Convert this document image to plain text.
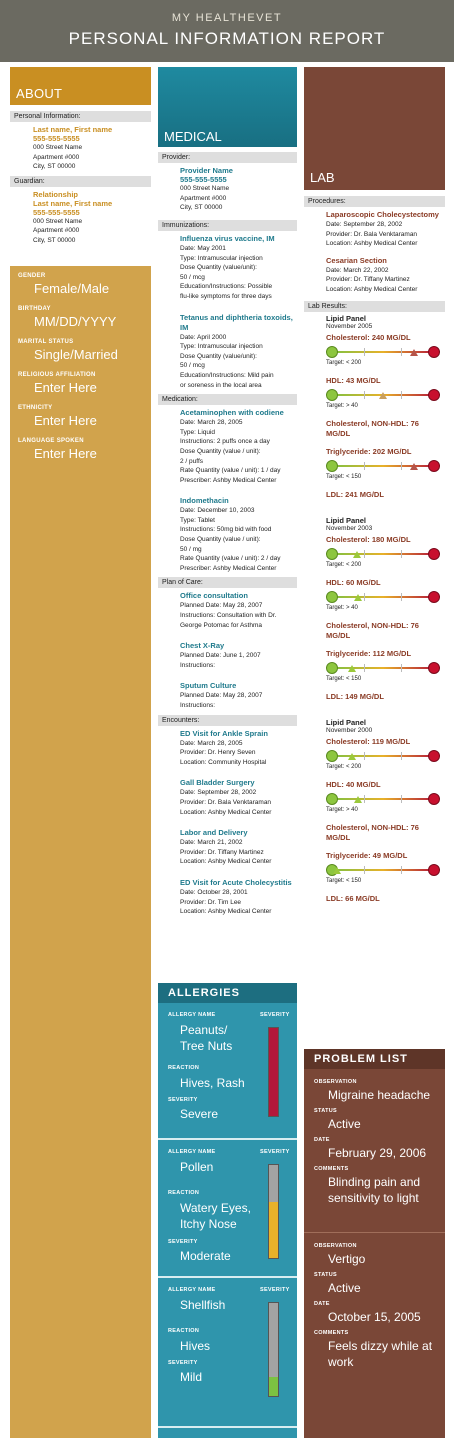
MY HEALTHEVET
PERSONAL INFORMATION REPORT
ABOUT
Personal Information:
Last name, First name
555-555-5555
000 Street Name
Apartment #000
City, ST 00000
Guardian:
Relationship
Last name, First name
555-555-5555
000 Street Name
Apartment #000
City, ST 00000
GENDER
Female/Male
BIRTHDAY
MM/DD/YYYY
MARITAL STATUS
Single/Married
RELIGIOUS AFFILIATION
Enter Here
ETHNICITY
Enter Here
LANGUAGE SPOKEN
Enter Here
MEDICAL
Provider:
Provider Name
555-555-5555
000 Street Name
Apartment #000
City, ST 00000
Immunizations:
Influenza virus vaccine, IM
Date: May 2001
Type: Intramuscular injection
Dose Quantity (value/unit):
50 / mcg
Education/Instructions: Possible
flu-like symptoms for three days
Tetanus and diphtheria toxoids, IM
Date: April 2000
Type: Intramuscular injection
Dose Quantity (value/unit):
50 / mcg
Education/Instructions: Mild pain
or soreness in the local area
Medication:
Acetaminophen with codiene
Date: March 28, 2005
Type: Liquid
Instructions: 2 puffs once a day
Dose Quantity (value / unit):
2 / puffs
Rate Quantity (value / unit): 1 / day
Prescriber: Ashby Medical Center
Indomethacin
Date: December 10, 2003
Type: Tablet
Instructions: 50mg bid with food
Dose Quantity (value / unit):
50 / mg
Rate Quantity (value / unit): 2 / day
Prescriber: Ashby Medical Center
Plan of Care:
Office consultation
Planned Date: May 28, 2007
Instructions: Consultation with Dr.
George Potomac for Asthma
Chest X-Ray
Planned Date: June 1, 2007
Instructions:
Sputum Culture
Planned Date: May 28, 2007
Instructions:
Encounters:
ED Visit for Ankle Sprain
Date: March 28, 2005
Provider: Dr. Henry Seven
Location: Community Hospital
Gall Bladder Surgery
Date: September 28, 2002
Provider: Dr. Bala Venktaraman
Location: Ashby Medical Center
Labor and Delivery
Date: March 21, 2002
Provider: Dr. Tiffany Martinez
Location: Ashby Medical Center
ED Visit for Acute Cholecystitis
Date: October 28, 2001
Provider: Dr. Tim Lee
Location: Ashby Medical Center
ALLERGIES
ALLERGY NAME	SEVERITY
Peanuts/ Tree Nuts
REACTION
Hives, Rash
SEVERITY
Severe
ALLERGY NAME	SEVERITY
Pollen
REACTION
Watery Eyes, Itchy Nose
SEVERITY
Moderate
ALLERGY NAME	SEVERITY
Shellfish
REACTION
Hives
SEVERITY
Mild
LAB
Procedures:
Laparoscopic Cholecystectomy
Date: September 28, 2002
Provider: Dr. Bala Venktaraman
Location: Ashby Medical Center
Cesarian Section
Date: March 22, 2002
Provider: Dr. Tiffany Martinez
Location: Ashby Medical Center
Lab Results:
Lipid Panel
November 2005
Cholesterol: 240 MG/DL
Target: < 200
HDL: 43 MG/DL
Target: > 40
Cholesterol, NON-HDL: 76 MG/DL
Triglyceride: 202 MG/DL
Target: < 150
LDL: 241 MG/DL
Lipid Panel
November 2003
Cholesterol: 180 MG/DL
Target: < 200
HDL: 60 MG/DL
Target: > 40
Cholesterol, NON-HDL: 76 MG/DL
Triglyceride: 112 MG/DL
Target: < 150
LDL: 149 MG/DL
Lipid Panel
November 2000
Cholesterol: 119 MG/DL
Target: < 200
HDL: 40 MG/DL
Target: > 40
Cholesterol, NON-HDL: 76 MG/DL
Triglyceride: 49 MG/DL
Target: < 150
LDL: 66 MG/DL
PROBLEM LIST
OBSERVATION
Migraine headache
STATUS
Active
DATE
February 29, 2006
COMMENTS
Blinding pain and sensitivity to light
OBSERVATION
Vertigo
STATUS
Active
DATE
October 15, 2005
COMMENTS
Feels dizzy while at work
